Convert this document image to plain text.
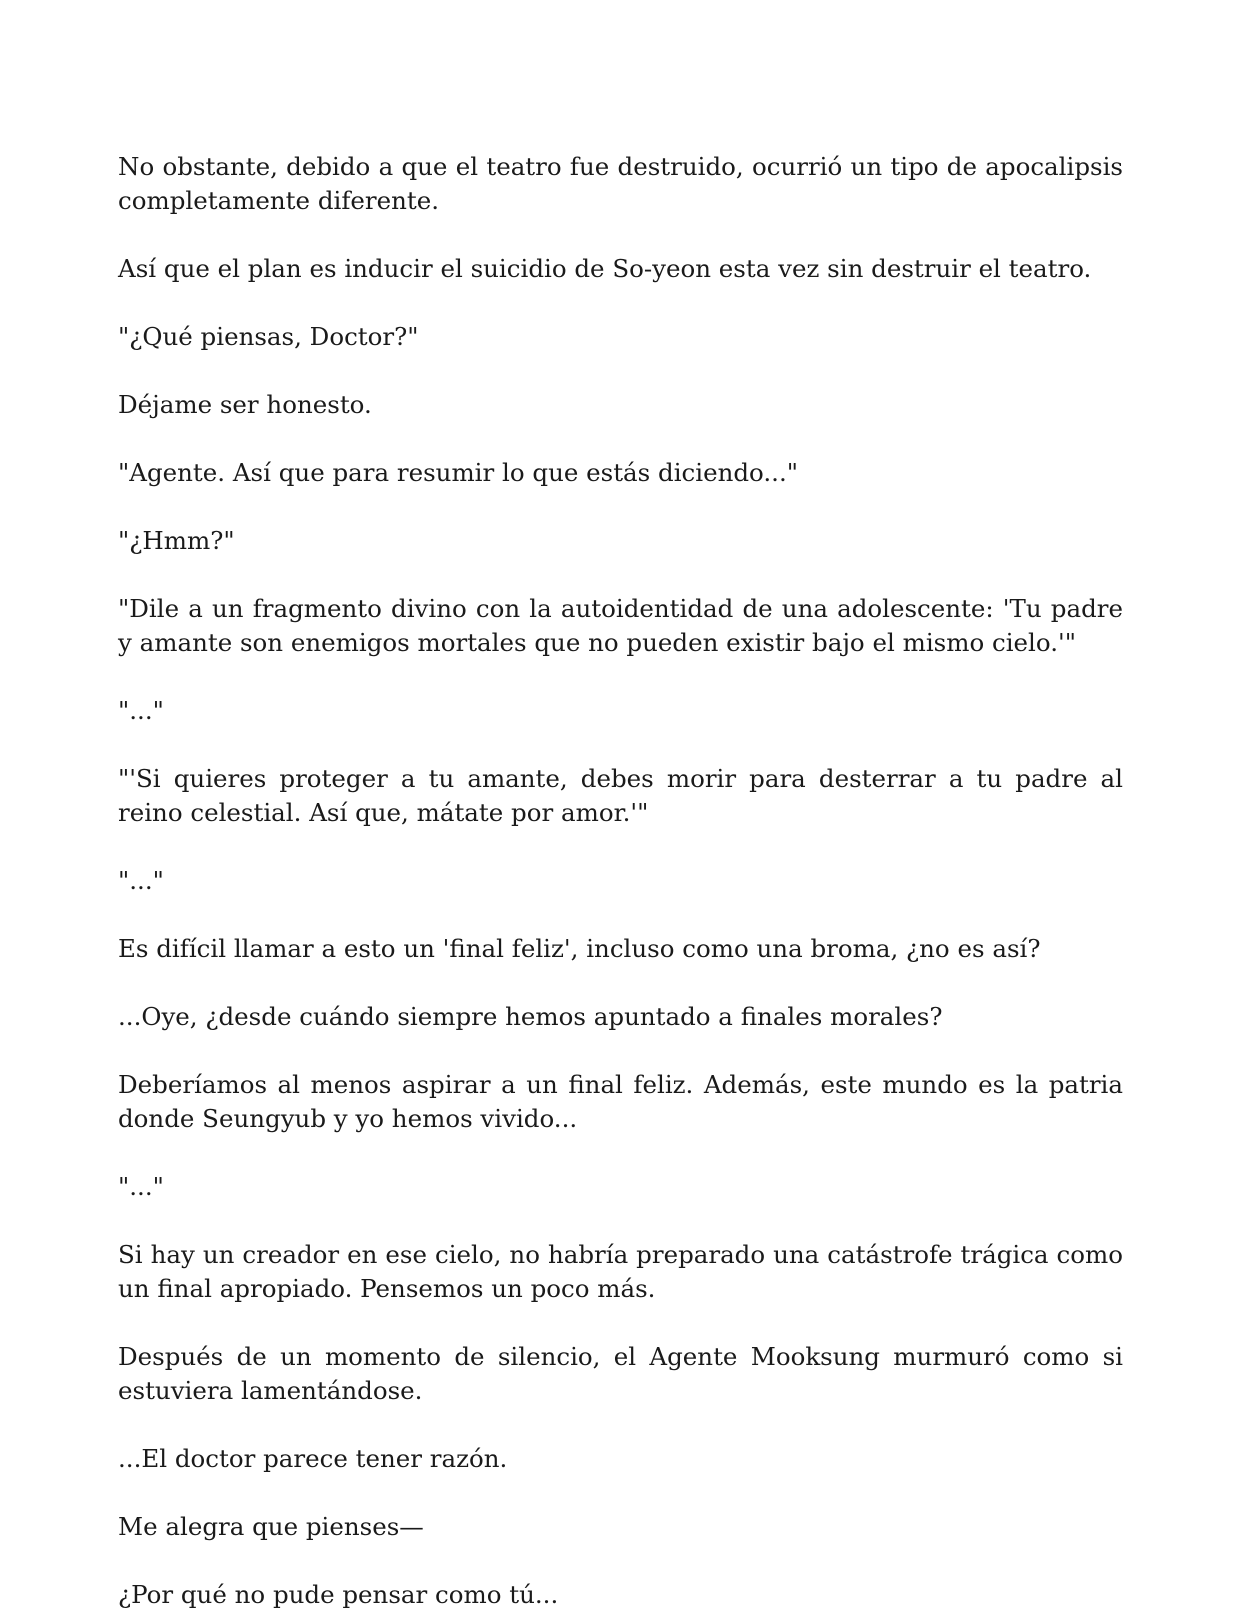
No obstante, debido a que el teatro fue destruido, ocurrió un tipo de apocalipsis completamente diferente.

Así que el plan es inducir el suicidio de So-yeon esta vez sin destruir el teatro.

"¿Qué piensas, Doctor?"

Déjame ser honesto.

"Agente. Así que para resumir lo que estás diciendo..."

"¿Hmm?"

"Dile a un fragmento divino con la autoidentidad de una adolescente: 'Tu padre y amante son enemigos mortales que no pueden existir bajo el mismo cielo.'"

"..."

"'Si quieres proteger a tu amante, debes morir para desterrar a tu padre al reino celestial. Así que, mátate por amor.'"

"..."

Es difícil llamar a esto un 'final feliz', incluso como una broma, ¿no es así?

...Oye, ¿desde cuándo siempre hemos apuntado a finales morales?

Deberíamos al menos aspirar a un final feliz. Además, este mundo es la patria donde Seungyub y yo hemos vivido...

"..."

Si hay un creador en ese cielo, no habría preparado una catástrofe trágica como un final apropiado. Pensemos un poco más.

Después de un momento de silencio, el Agente Mooksung murmuró como si estuviera lamentándose.

...El doctor parece tener razón.

Me alegra que pienses—

¿Por qué no pude pensar como tú...
